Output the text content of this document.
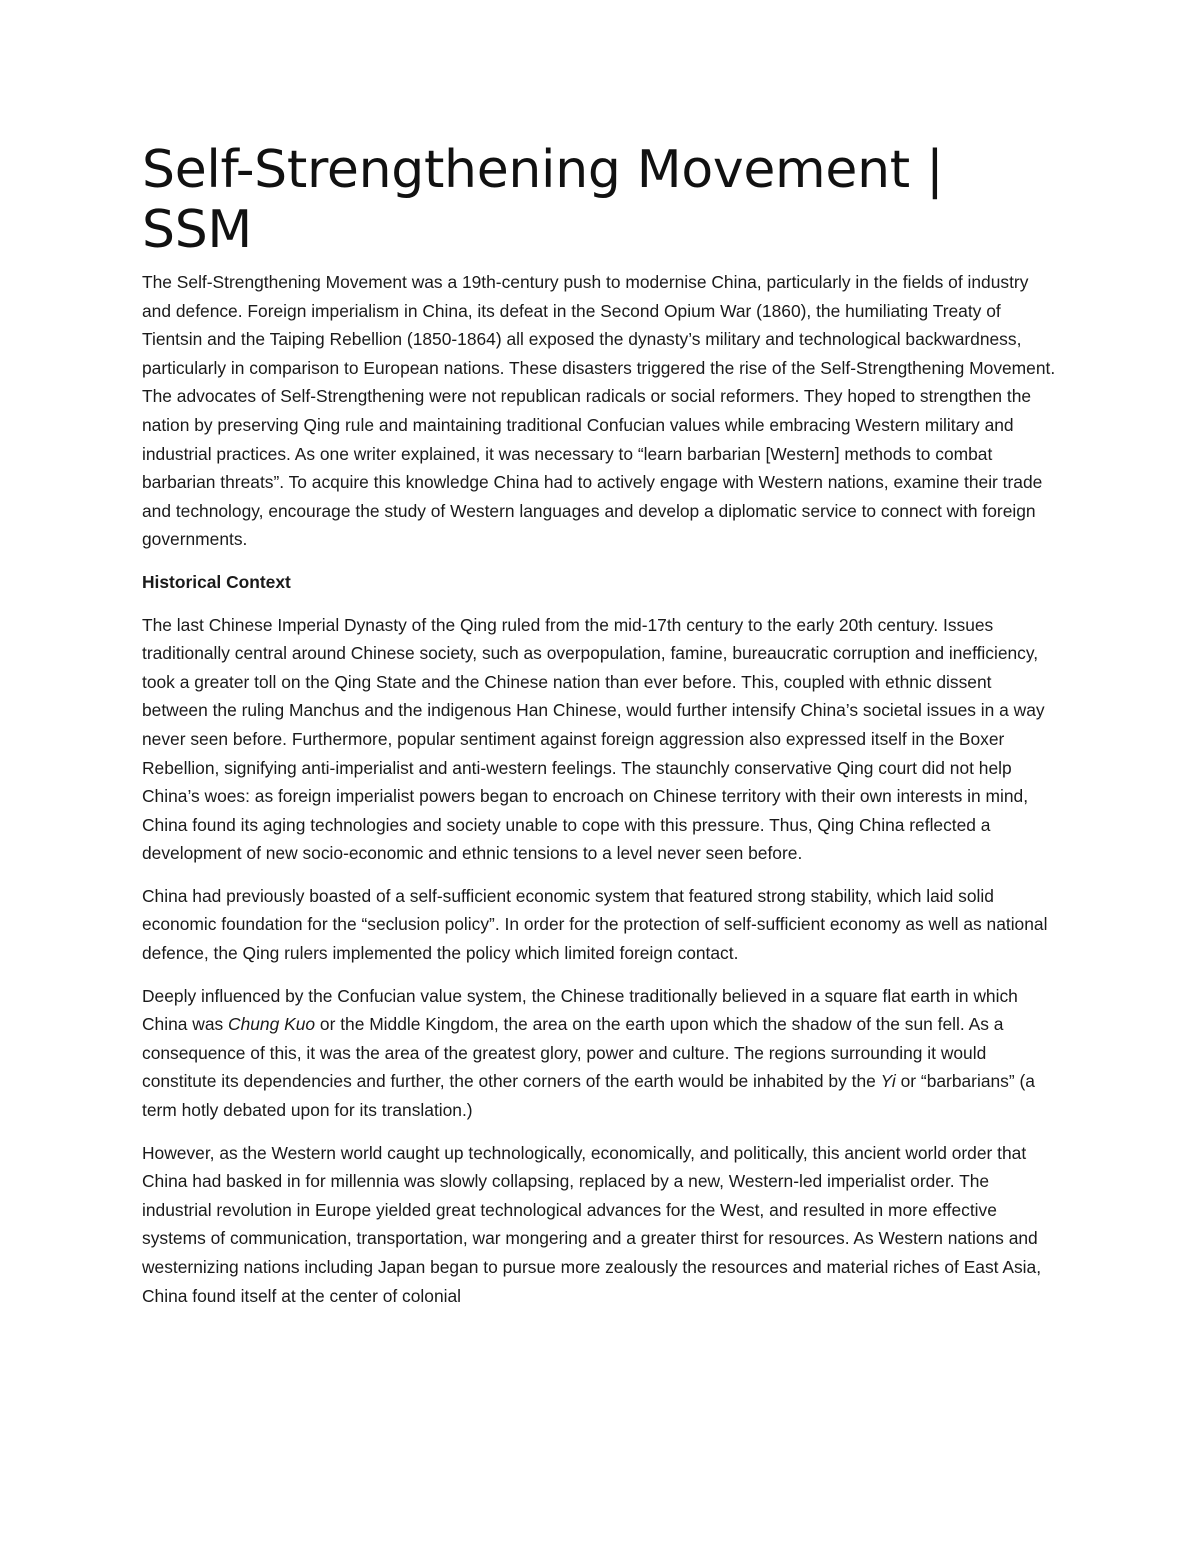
Self-Strengthening Movement | SSM

The Self-Strengthening Movement was a 19th-century push to modernise China, particularly in the fields of industry and defence. Foreign imperialism in China, its defeat in the Second Opium War (1860), the humiliating Treaty of Tientsin and the Taiping Rebellion (1850-1864) all exposed the dynasty’s military and technological backwardness, particularly in comparison to European nations. These disasters triggered the rise of the Self-Strengthening Movement. The advocates of Self-Strengthening were not republican radicals or social reformers. They hoped to strengthen the nation by preserving Qing rule and maintaining traditional Confucian values while embracing Western military and industrial practices. As one writer explained, it was necessary to “learn barbarian [Western] methods to combat barbarian threats”. To acquire this knowledge China had to actively engage with Western nations, examine their trade and technology, encourage the study of Western languages and develop a diplomatic service to connect with foreign governments.

Historical Context

The last Chinese Imperial Dynasty of the Qing ruled from the mid-17th century to the early 20th century. Issues traditionally central around Chinese society, such as overpopulation, famine, bureaucratic corruption and inefficiency, took a greater toll on the Qing State and the Chinese nation than ever before. This, coupled with ethnic dissent between the ruling Manchus and the indigenous Han Chinese, would further intensify China’s societal issues in a way never seen before. Furthermore, popular sentiment against foreign aggression also expressed itself in the Boxer Rebellion, signifying anti-imperialist and anti-western feelings. The staunchly conservative Qing court did not help China’s woes: as foreign imperialist powers began to encroach on Chinese territory with their own interests in mind, China found its aging technologies and society unable to cope with this pressure. Thus, Qing China reflected a development of new socio-economic and ethnic tensions to a level never seen before.

China had previously boasted of a self-sufficient economic system that featured strong stability, which laid solid economic foundation for the “seclusion policy”. In order for the protection of self-sufficient economy as well as national defence, the Qing rulers implemented the policy which limited foreign contact.

Deeply influenced by the Confucian value system, the Chinese traditionally believed in a square flat earth in which China was Chung Kuo or the Middle Kingdom, the area on the earth upon which the shadow of the sun fell. As a consequence of this, it was the area of the greatest glory, power and culture. The regions surrounding it would constitute its dependencies and further, the other corners of the earth would be inhabited by the Yi or “barbarians” (a term hotly debated upon for its translation.)

However, as the Western world caught up technologically, economically, and politically, this ancient world order that China had basked in for millennia was slowly collapsing, replaced by a new, Western-led imperialist order. The industrial revolution in Europe yielded great technological advances for the West, and resulted in more effective systems of communication, transportation, war mongering and a greater thirst for resources. As Western nations and westernizing nations including Japan began to pursue more zealously the resources and material riches of East Asia, China found itself at the center of colonial
